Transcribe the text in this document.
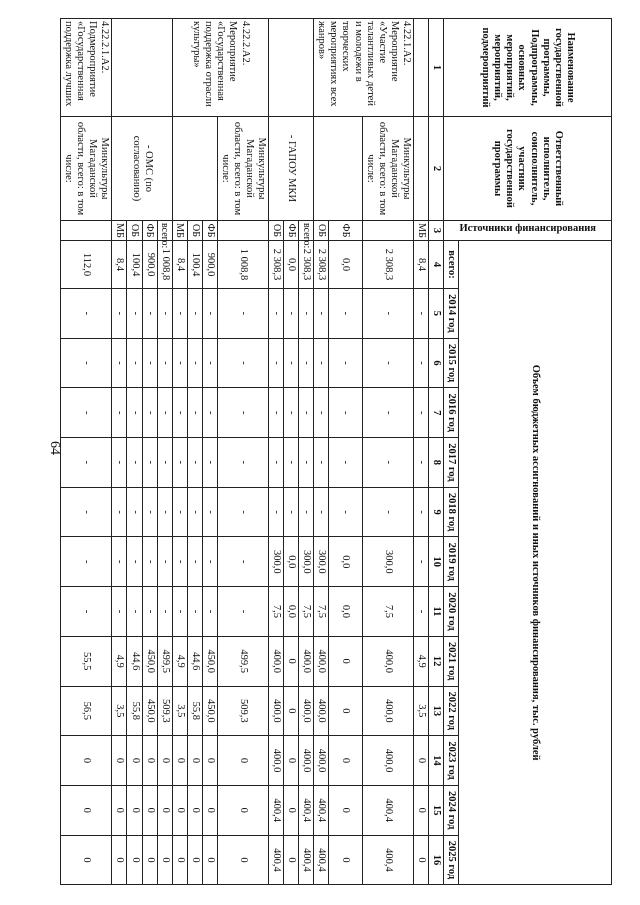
64
Наименование государственной программы, Подпрограммы, основных мероприятий, мероприятий, подмероприятий	Ответственный исполнитель, соисполнитель, участник государственной программы	Источники финансирования	Объем бюджетных ассигнований и иных источников финансирования, тыс. рублей												
			всего:	2014 год	2015 год	2016 год	2017 год	2018 год	2019 год	2020 год	2021 год	2022 год	2023 год	2024 год	2025 год
1	2	3	4	5	6	7	8	9	10	11	12	13	14	15	16
		МБ	8,4	-	-	-	-	-	-	-	4,9	3,5	0	0	0
4.22.1.А2. Мероприятие «Участие талантливых детей и молодежи в творческих мероприятиях всех жанров»	Минкультуры Магаданской области, всего: в том числе:		2 308,3	-	-	-	-	-	300,0	7,5	400,0	400,0	400,0	400,4	400,4
		ФБ	0,0	-	-	-	-	-	0,0	0,0	0	0	0	0	0
		ОБ	2 308,3	-	-	-	-	-	300,0	7,5	400,0	400,0	400,0	400,4	400,4
	- ГАПОУ МКИ	всего:	2 308,3	-	-	-	-	-	300,0	7,5	400,0	400,0	400,0	400,4	400,4
		ФБ	0,0	-	-	-	-	-	0,0	0,0	0	0	0	0	0
		ОБ	2 308,3	-	-	-	-	-	300,0	7,5	400,0	400,0	400,0	400,4	400,4
4.22.2.А2. Мероприятие «Государственная поддержка отрасли культуры»	Минкультуры Магаданской области, всего: в том числе:		1 008,8	-	-	-	-	-	-	-	499,5	509,3	0	0	0
		ФБ	900,0	-	-	-	-	-	-	-	450,0	450,0	0	0	0
		ОБ	100,4	-	-	-	-	-	-	-	44,6	55,8	0	0	0
		МБ	8,4	-	-	-	-	-	-	-	4,9	3,5	0	0	0
	- ОМС (по согласованию)	всего:	1 008,8	-	-	-	-	-	-	-	499,5	509,3	0	0	0
		ФБ	900,0	-	-	-	-	-	-	-	450,0	450,0	0	0	0
		ОБ	100,4	-	-	-	-	-	-	-	44,6	55,8	0	0	0
		МБ	8,4	-	-	-	-	-	-	-	4,9	3,5	0	0	0
4.22.2.1.А2. Подмероприятие «Государственная поддержка лучших	Минкультуры Магаданской области, всего: в том числе:		112,0	-	-	-	-	-	-	-	55,5	56,5	0	0	0
